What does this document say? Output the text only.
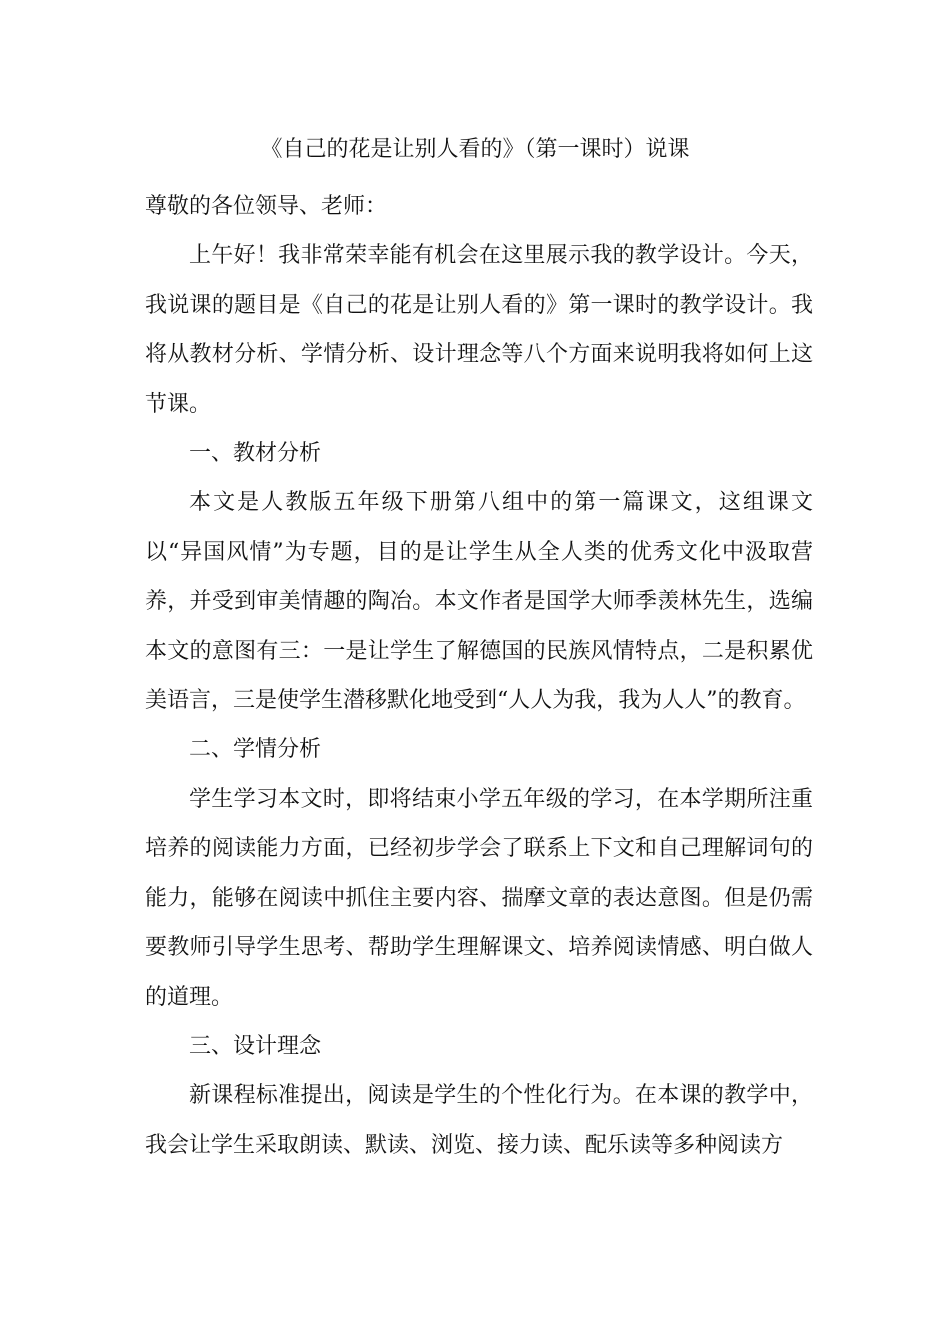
《自己的花是让别人看的》（第一课时）说课

尊敬的各位领导、老师：

上午好！我非常荣幸能有机会在这里展示我的教学设计。今天，我说课的题目是《自己的花是让别人看的》第一课时的教学设计。我将从教材分析、学情分析、设计理念等八个方面来说明我将如何上这节课。

一、教材分析

本文是人教版五年级下册第八组中的第一篇课文，这组课文以“异国风情”为专题，目的是让学生从全人类的优秀文化中汲取营养，并受到审美情趣的陶冶。本文作者是国学大师季羡林先生，选编本文的意图有三：一是让学生了解德国的民族风情特点，二是积累优美语言，三是使学生潜移默化地受到“人人为我，我为人人”的教育。

二、学情分析

学生学习本文时，即将结束小学五年级的学习，在本学期所注重培养的阅读能力方面，已经初步学会了联系上下文和自己理解词句的能力，能够在阅读中抓住主要内容、揣摩文章的表达意图。但是仍需要教师引导学生思考、帮助学生理解课文、培养阅读情感、明白做人的道理。

三、设计理念

新课程标准提出，阅读是学生的个性化行为。在本课的教学中，我会让学生采取朗读、默读、浏览、接力读、配乐读等多种阅读方
